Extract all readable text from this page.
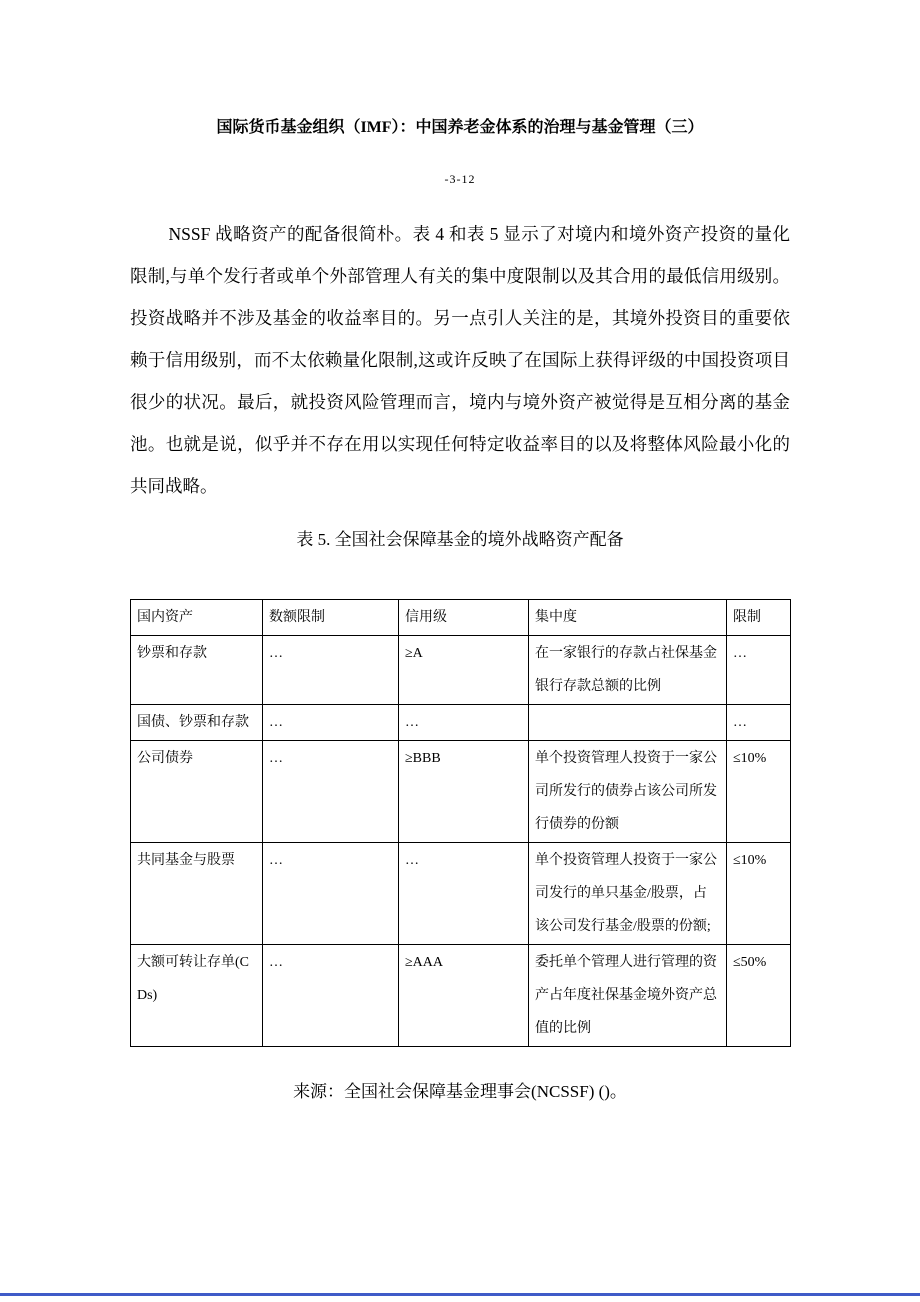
国际货币基金组织（IMF）：中国养老金体系的治理与基金管理（三）
-3-12
NSSF 战略资产的配备很简朴。表 4 和表 5 显示了对境内和境外资产投资的量化限制,与单个发行者或单个外部管理人有关的集中度限制以及其合用的最低信用级别。投资战略并不涉及基金的收益率目的。另一点引人关注的是，其境外投资目的重要依赖于信用级别，而不太依赖量化限制,这或许反映了在国际上获得评级的中国投资项目很少的状况。最后，就投资风险管理而言，境内与境外资产被觉得是互相分离的基金池。也就是说，似乎并不存在用以实现任何特定收益率目的以及将整体风险最小化的共同战略。
表 5. 全国社会保障基金的境外战略资产配备
国内资产	数额限制	信用级	集中度	限制
钞票和存款	…	≥A	在一家银行的存款占社保基金银行存款总额的比例	…
国债、钞票和存款	…	…		…
公司债券	…	≥BBB	单个投资管理人投资于一家公司所发行的债券占该公司所发行债券的份额	≤10%
共同基金与股票	…	…	单个投资管理人投资于一家公司发行的单只基金/股票，占该公司发行基金/股票的份额;	≤10%
大额可转让存单(CDs)	…	≥AAA	委托单个管理人进行管理的资产占年度社保基金境外资产总值的比例	≤50%
来源：全国社会保障基金理事会(NCSSF) ()。
